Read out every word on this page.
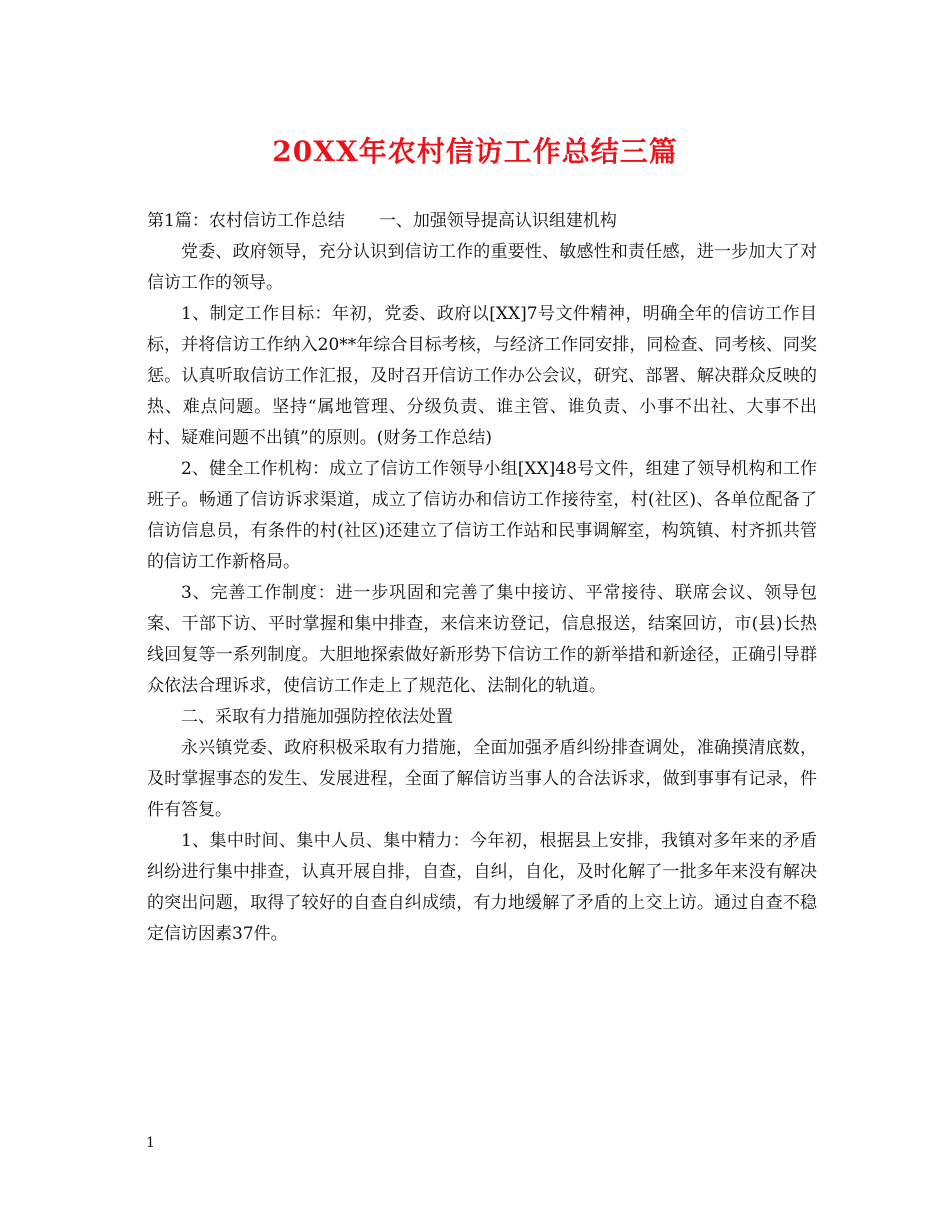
20XX年农村信访工作总结三篇

第1篇：农村信访工作总结　　一、加强领导提高认识组建机构

党委、政府领导，充分认识到信访工作的重要性、敏感性和责任感，进一步加大了对信访工作的领导。

1、制定工作目标：年初，党委、政府以[XX]7号文件精神，明确全年的信访工作目标，并将信访工作纳入20**年综合目标考核，与经济工作同安排，同检查、同考核、同奖惩。认真听取信访工作汇报，及时召开信访工作办公会议，研究、部署、解决群众反映的热、难点问题。坚持“属地管理、分级负责、谁主管、谁负责、小事不出社、大事不出村、疑难问题不出镇”的原则。(财务工作总结)

2、健全工作机构：成立了信访工作领导小组[XX]48号文件，组建了领导机构和工作班子。畅通了信访诉求渠道，成立了信访办和信访工作接待室，村(社区)、各单位配备了信访信息员，有条件的村(社区)还建立了信访工作站和民事调解室，构筑镇、村齐抓共管的信访工作新格局。

3、完善工作制度：进一步巩固和完善了集中接访、平常接待、联席会议、领导包案、干部下访、平时掌握和集中排查，来信来访登记，信息报送，结案回访，市(县)长热线回复等一系列制度。大胆地探索做好新形势下信访工作的新举措和新途径，正确引导群众依法合理诉求，使信访工作走上了规范化、法制化的轨道。

二、采取有力措施加强防控依法处置

永兴镇党委、政府积极采取有力措施，全面加强矛盾纠纷排查调处，准确摸清底数，及时掌握事态的发生、发展进程，全面了解信访当事人的合法诉求，做到事事有记录，件件有答复。

1、集中时间、集中人员、集中精力：今年初，根据县上安排，我镇对多年来的矛盾纠纷进行集中排查，认真开展自排，自查，自纠，自化，及时化解了一批多年来没有解决的突出问题，取得了较好的自查自纠成绩，有力地缓解了矛盾的上交上访。通过自查不稳定信访因素37件。

1
